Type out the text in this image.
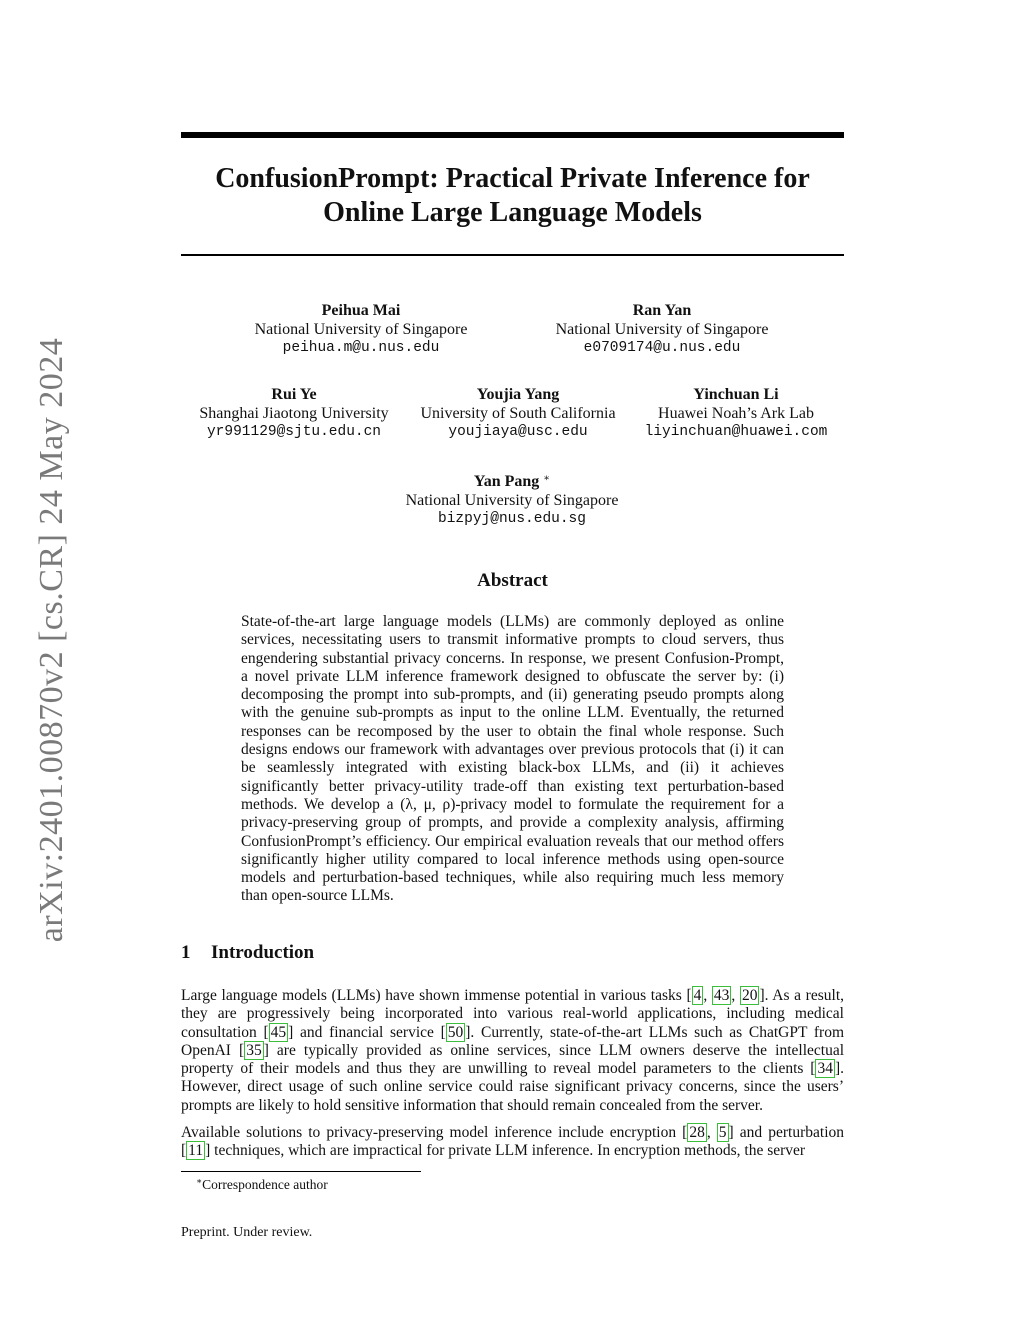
arXiv:2401.00870v2 [cs.CR] 24 May 2024
ConfusionPrompt: Practical Private Inference for
Online Large Language Models
Peihua Mai
National University of Singapore
peihua.m@u.nus.edu
Ran Yan
National University of Singapore
e0709174@u.nus.edu
Rui Ye
Shanghai Jiaotong University
yr991129@sjtu.edu.cn
Youjia Yang
University of South California
youjiaya@usc.edu
Yinchuan Li
Huawei Noah’s Ark Lab
liyinchuan@huawei.com
Yan Pang ∗
National University of Singapore
bizpyj@nus.edu.sg
Abstract
State-of-the-art large language models (LLMs) are commonly deployed as online services, necessitating users to transmit informative prompts to cloud servers, thus engendering substantial privacy concerns. In response, we present Confusion-Prompt, a novel private LLM inference framework designed to obfuscate the server by: (i) decomposing the prompt into sub-prompts, and (ii) generating pseudo prompts along with the genuine sub-prompts as input to the online LLM. Eventually, the returned responses can be recomposed by the user to obtain the final whole response. Such designs endows our framework with advantages over previous protocols that (i) it can be seamlessly integrated with existing black-box LLMs, and (ii) it achieves significantly better privacy-utility trade-off than existing text perturbation-based methods. We develop a (λ, μ, ρ)-privacy model to formulate the requirement for a privacy-preserving group of prompts, and provide a complexity analysis, affirming ConfusionPrompt’s efficiency. Our empirical evaluation reveals that our method offers significantly higher utility compared to local inference methods using open-source models and perturbation-based techniques, while also requiring much less memory than open-source LLMs.
1 Introduction
Large language models (LLMs) have shown immense potential in various tasks [ 4 , 43 , 20 ]. As a result, they are progressively being incorporated into various real-world applications, including medical consultation [ 45 ] and financial service [ 50 ]. Currently, state-of-the-art LLMs such as ChatGPT from OpenAI [ 35 ] are typically provided as online services, since LLM owners deserve the intellectual property of their models and thus they are unwilling to reveal model parameters to the clients [ 34 ]. However, direct usage of such online service could raise significant privacy concerns, since the users’ prompts are likely to hold sensitive information that should remain concealed from the server.
Available solutions to privacy-preserving model inference include encryption [ 28 , 5 ] and perturbation [ 11 ] techniques, which are impractical for private LLM inference. In encryption methods, the server
∗Correspondence author
Preprint. Under review.
